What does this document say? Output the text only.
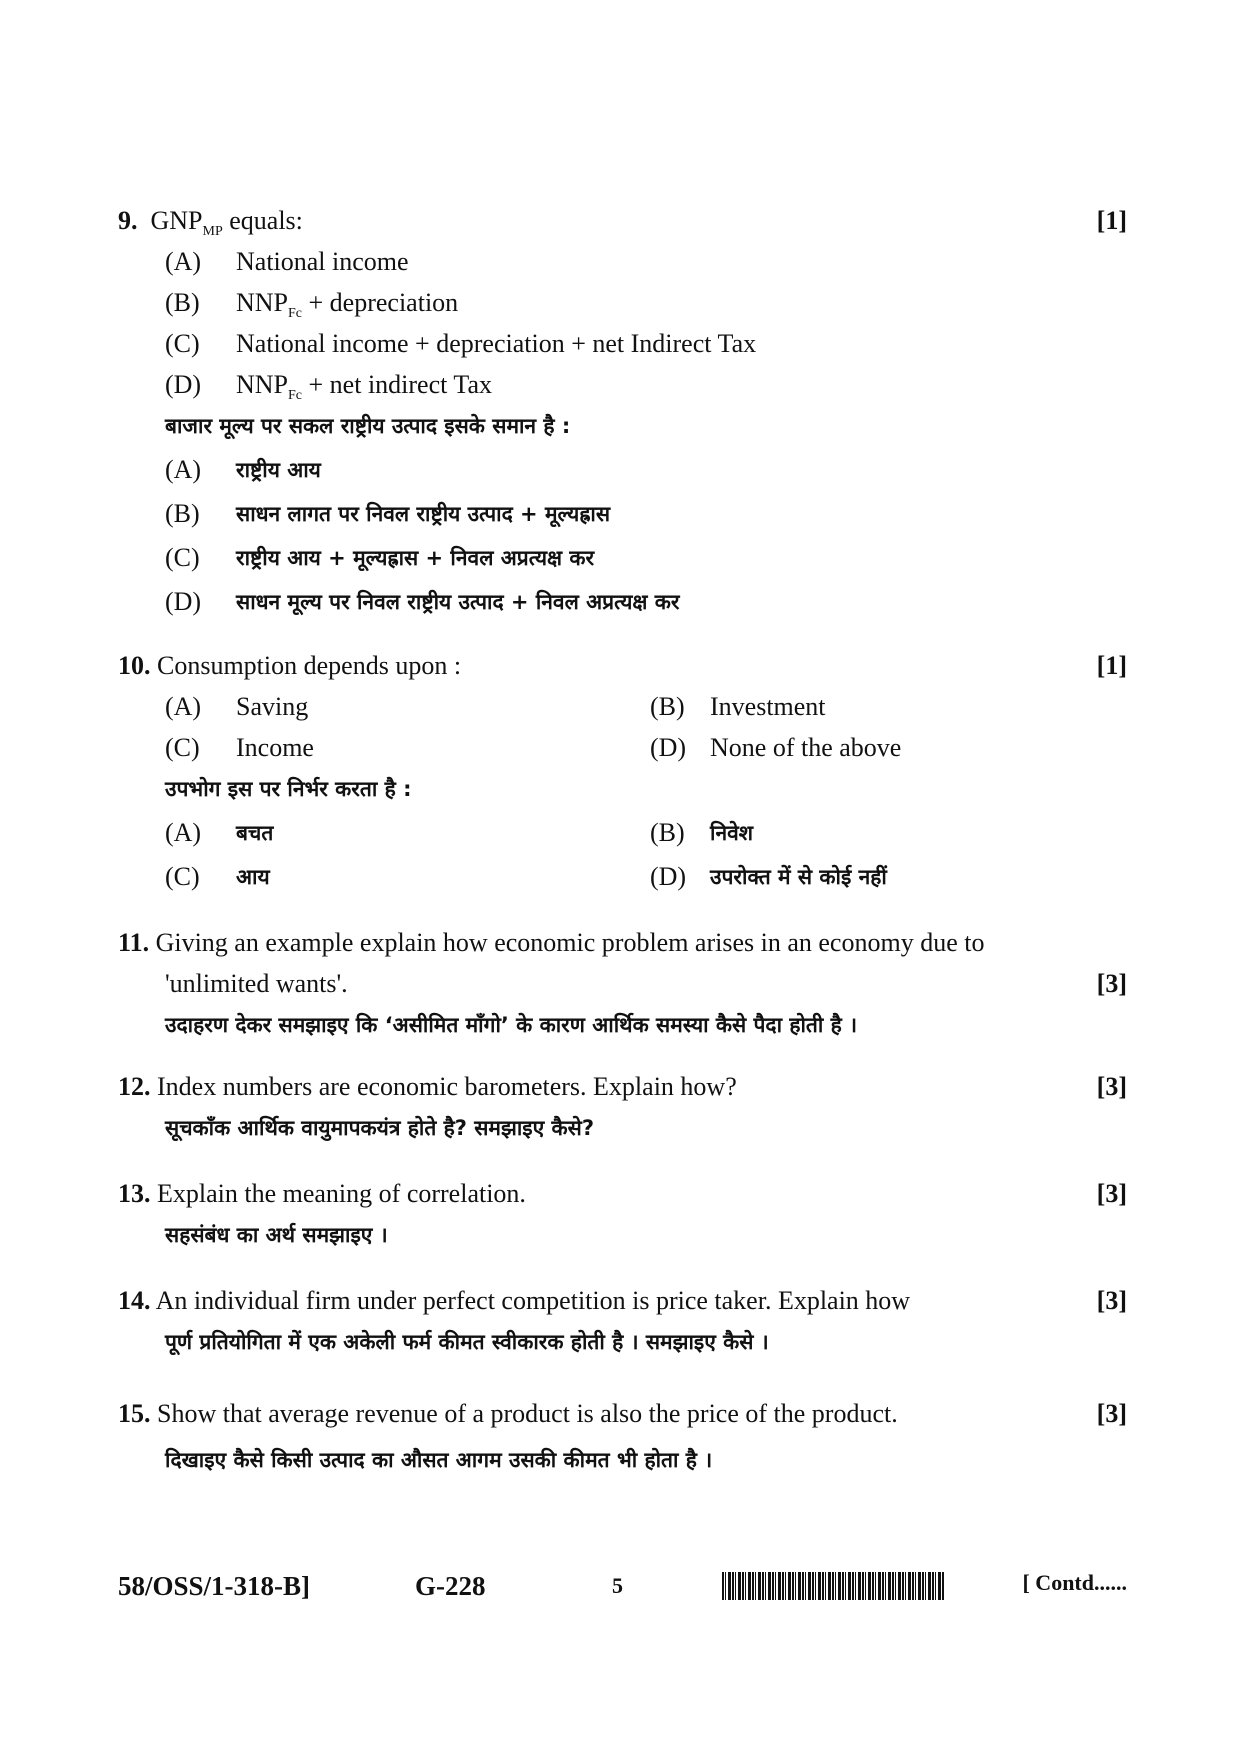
9. $GNP_{MP}$ equals:	[1]
(A) National income
(B) $NNP_{Fc}$ + depreciation
(C) National income + depreciation + net Indirect Tax
(D) $NNP_{Fc}$ + net indirect Tax
बाजार मूल्य पर सकल राष्ट्रीय उत्पाद इसके समान है :
(A) राष्ट्रीय आय
(B) साधन लागत पर निवल राष्ट्रीय उत्पाद + मूल्यह्रास
(C) राष्ट्रीय आय + मूल्यह्रास + निवल अप्रत्यक्ष कर
(D) साधन मूल्य पर निवल राष्ट्रीय उत्पाद + निवल अप्रत्यक्ष कर
10. Consumption depends upon :	[1]
(A) Saving	(B) Investment
(C) Income	(D) None of the above
उपभोग इस पर निर्भर करता है :
(A) बचत	(B) निवेश
(C) आय	(D) उपरोक्त में से कोई नहीं
11. Giving an example explain how economic problem arises in an economy due to
'unlimited wants'.	[3]
उदाहरण देकर समझाइए कि ‘असीमित माँगो’ के कारण आर्थिक समस्या कैसे पैदा होती है ।
12. Index numbers are economic barometers. Explain how?	[3]
सूचकाँक आर्थिक वायुमापकयंत्र होते है? समझाइए कैसे?
13. Explain the meaning of correlation.	[3]
सहसंबंध का अर्थ समझाइए ।
14. An individual firm under perfect competition is price taker. Explain how	[3]
पूर्ण प्रतियोगिता में एक अकेली फर्म कीमत स्वीकारक होती है । समझाइए कैसे ।
15. Show that average revenue of a product is also the price of the product.	[3]
दिखाइए कैसे किसी उत्पाद का औसत आगम उसकी कीमत भी होता है ।
58/OSS/1-318-B]	G-228	5	[ Contd......
